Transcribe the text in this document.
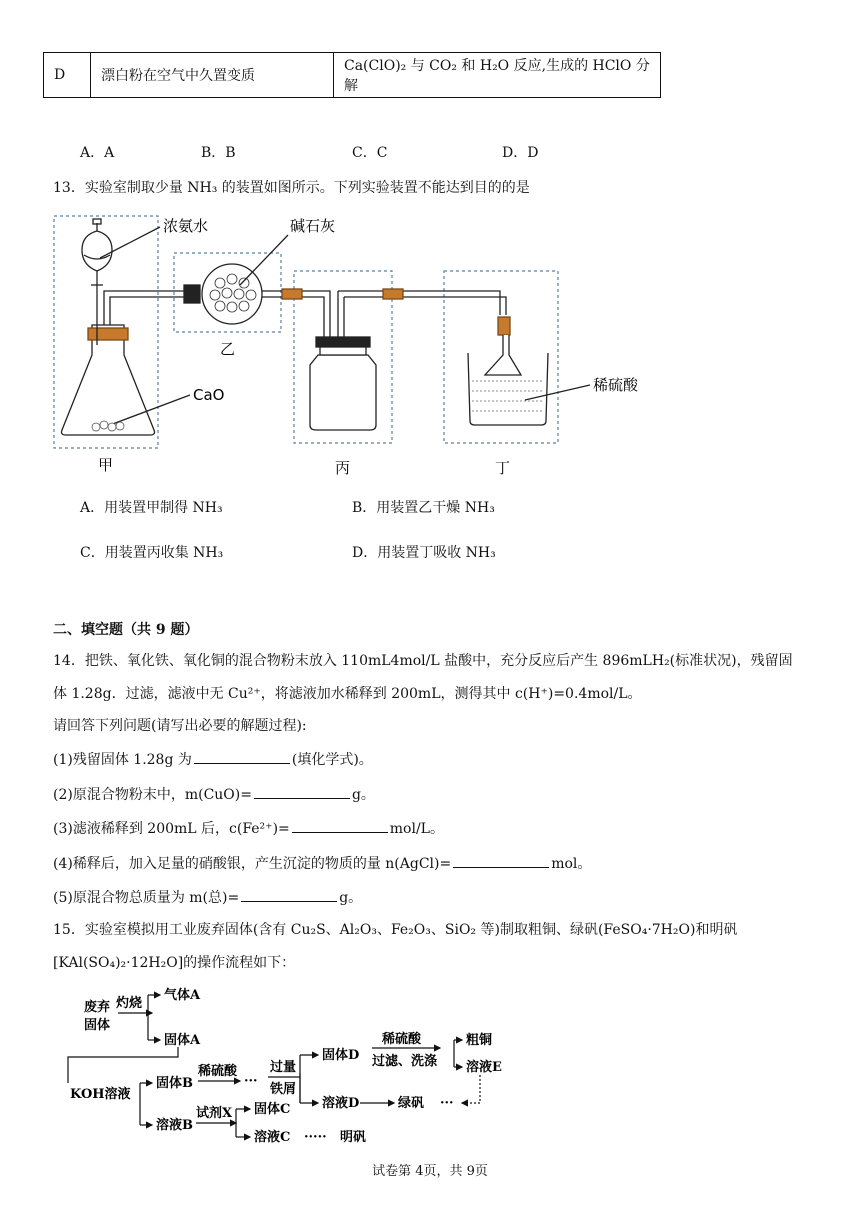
D	漂白粉在空气中久置变质	Ca(ClO)₂ 与 CO₂ 和 H₂O 反应,生成的 HClO 分解
A．A	B．B	C．C	D．D
13．实验室制取少量 NH₃ 的装置如图所示。下列实验装置不能达到目的的是
浓氨水	碱石灰
CaO
稀硫酸
甲
乙
丙	丁
A．用装置甲制得 NH₃	B．用装置乙干燥 NH₃
C．用装置丙收集 NH₃	D．用装置丁吸收 NH₃
二、填空题（共 9 题）
14．把铁、氧化铁、氧化铜的混合物粉末放入 110mL4mol/L 盐酸中，充分反应后产生 896mLH₂(标准状况)，残留固
体 1.28g．过滤，滤液中无 Cu²⁺，将滤液加水稀释到 200mL，测得其中 c(H⁺)=0.4mol/L。
请回答下列问题(请写出必要的解题过程):
(1)残留固体 1.28g 为	(填化学式)。
(2)原混合物粉末中，m(CuO)=	g。
(3)滤液稀释到 200mL 后，c(Fe²⁺)=	mol/L。
(4)稀释后，加入足量的硝酸银，产生沉淀的物质的量 n(AgCl)=	mol。
(5)原混合物总质量为 m(总)=	g。
15．实验室模拟用工业废弃固体(含有 Cu₂S、Al₂O₃、Fe₂O₃、SiO₂ 等)制取粗铜、绿矾(FeSO₄·7H₂O)和明矾
[KAl(SO₄)₂·12H₂O]的操作流程如下：
废弃
固体
灼烧
气体A
固体A
KOH溶液
固体B
稀硫酸
···
过量
铁屑
固体D
稀硫酸
过滤、洗涤
粗铜
溶液E
溶液D	绿矾 ···
溶液B
试剂X 固体C
溶液C ····· 明矾
试卷第 4页，共 9页
